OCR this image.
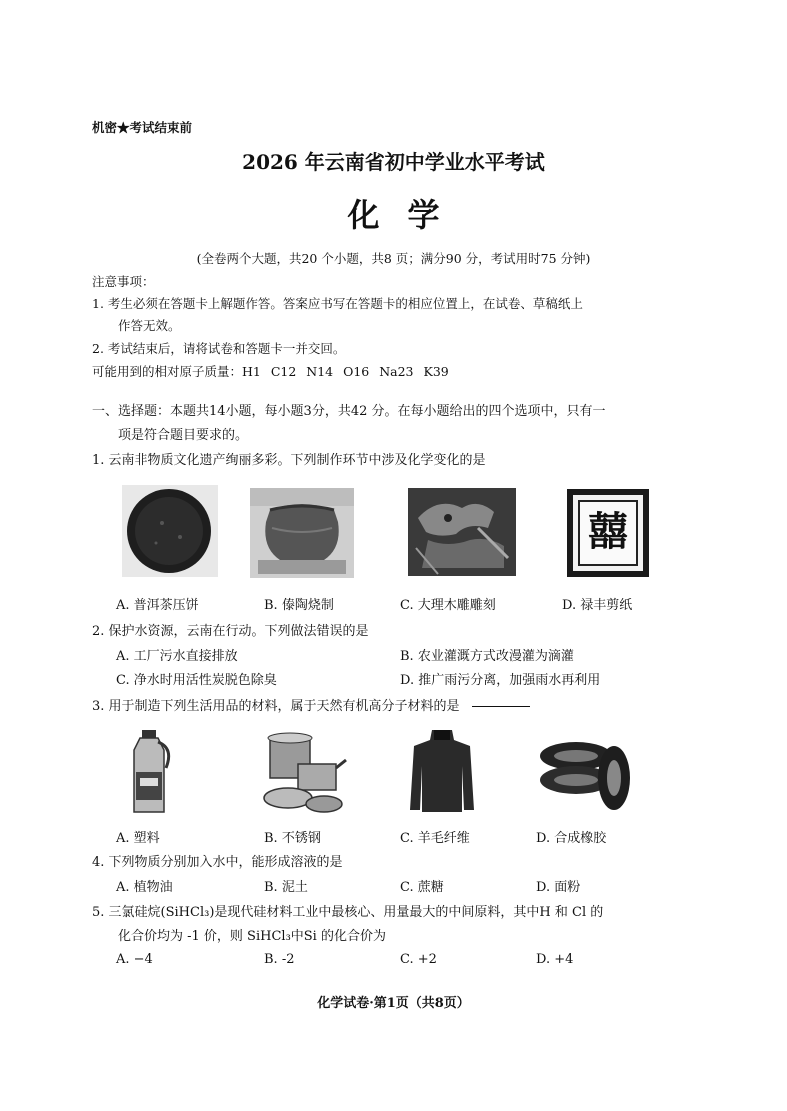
机密★考试结束前
2026 年云南省初中学业水平考试
化学
(全卷两个大题，共20 个小题，共8 页；满分90 分，考试用时75 分钟)
注意事项：
1. 考生必须在答题卡上解题作答。答案应书写在答题卡的相应位置上，在试卷、草稿纸上
作答无效。
2. 考试结束后，请将试卷和答题卡一并交回。
可能用到的相对原子质量：H1 C12 N14 O16 Na23 K39
一、选择题：本题共14小题，每小题3分，共42 分。在每小题给出的四个选项中，只有一
项是符合题目要求的。
1. 云南非物质文化遗产绚丽多彩。下列制作环节中涉及化学变化的是
囍
A. 普洱茶压饼	B. 傣陶烧制	C. 大理木雕雕刻	D. 禄丰剪纸
2. 保护水资源，云南在行动。下列做法错误的是
A. 工厂污水直接排放	B. 农业灌溉方式改漫灌为滴灌
C. 净水时用活性炭脱色除臭	D. 推广雨污分离，加强雨水再利用
3. 用于制造下列生活用品的材料，属于天然有机高分子材料的是
A. 塑料	B. 不锈钢	C. 羊毛纤维	D. 合成橡胶
4. 下列物质分别加入水中，能形成溶液的是
A. 植物油	B. 泥土	C. 蔗糖	D. 面粉
5. 三氯硅烷(SiHCl₃)是现代硅材料工业中最核心、用量最大的中间原料，其中H 和 Cl 的
化合价均为 -1 价，则 SiHCl₃中Si 的化合价为
A. −4	B. -2	C. +2	D. +4
化学试卷·第1页（共8页）
